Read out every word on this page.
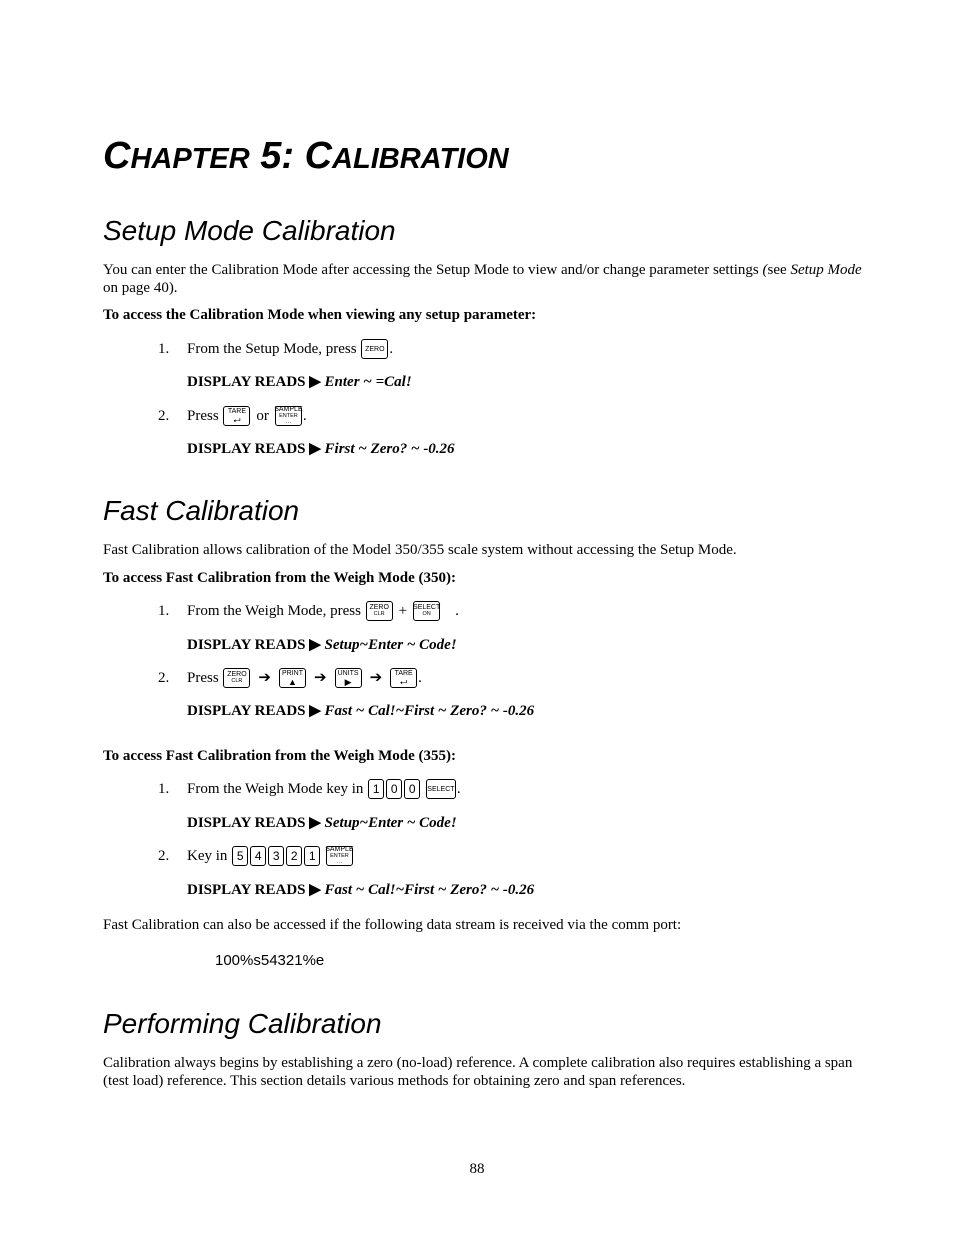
CHAPTER 5: CALIBRATION
Setup Mode Calibration
You can enter the Calibration Mode after accessing the Setup Mode to view and/or change parameter settings (see Setup Mode on page 40).
To access the Calibration Mode when viewing any setup parameter:
1.	From the Setup Mode, press
ZERO .
DISPLAY READS ▶ Enter ~ =Cal!
2.	Press
TARE
⮠ or SAMPLE
ENTER
··· .
DISPLAY READS ▶ First ~ Zero? ~ -0.26
Fast Calibration
Fast Calibration allows calibration of the Model 350/355 scale system without accessing the Setup Mode.
To access Fast Calibration from the Weigh Mode (350):
1.	From the Weigh Mode, press
ZERO
CLR + SELECT
ON .
DISPLAY READS ▶ Setup~Enter ~ Code!
2.	Press
ZERO
CLR ➔ PRINT
▲ ➔ UNITS
▶ ➔ TARE
⮠ .
DISPLAY READS ▶ Fast ~ Cal!~First ~ Zero? ~ -0.26
To access Fast Calibration from the Weigh Mode (355):
1.	From the Weigh Mode key in
1 0 0
	SELECT .
DISPLAY READS ▶ Setup~Enter ~ Code!
2.	Key in
5 4 3 2 1
	SAMPLE
ENTER
···
DISPLAY READS ▶ Fast ~ Cal!~First ~ Zero? ~ -0.26
Fast Calibration can also be accessed if the following data stream is received via the comm port:
100%s54321%e
Performing Calibration
Calibration always begins by establishing a zero (no-load) reference. A complete calibration also requires establishing a span (test load) reference. This section details various methods for obtaining zero and span references.
88
